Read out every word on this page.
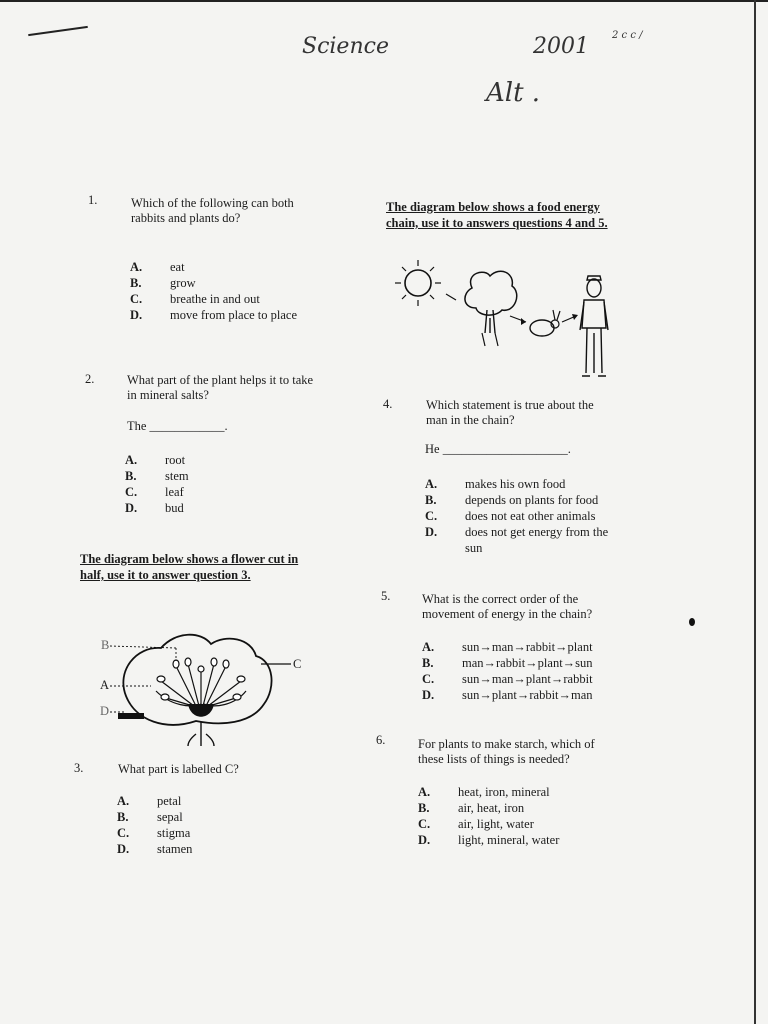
Science	2001 2 c c /
Alt .
1.	Which of the following can both
rabbits and plants do?
A. eat
B. grow
C. breathe in and out
D. move from place to place
2.	What part of the plant helps it to take
in mineral salts?
The ____________.
A. root
B. stem
C. leaf
D. bud
The diagram below shows a flower cut in
half, use it to answer question 3.
B
A
D
C
3.	What part is labelled C?
A. petal
B. sepal
C. stigma
D. stamen
The diagram below shows a food energy
chain, use it to answers questions 4 and 5.
4.	Which statement is true about the
man in the chain?
He ____________________.
A. makes his own food
B. depends on plants for food
C. does not eat other animals
D. does not get energy from the
sun
5.	What is the correct order of the
movement of energy in the chain?
A. sun→man→rabbit→plant
B. man→rabbit→plant→sun
C. sun→man→plant→rabbit
D. sun→plant→rabbit→man
6.	For plants to make starch, which of
these lists of things is needed?
A. heat, iron, mineral
B. air, heat, iron
C. air, light, water
D. light, mineral, water
